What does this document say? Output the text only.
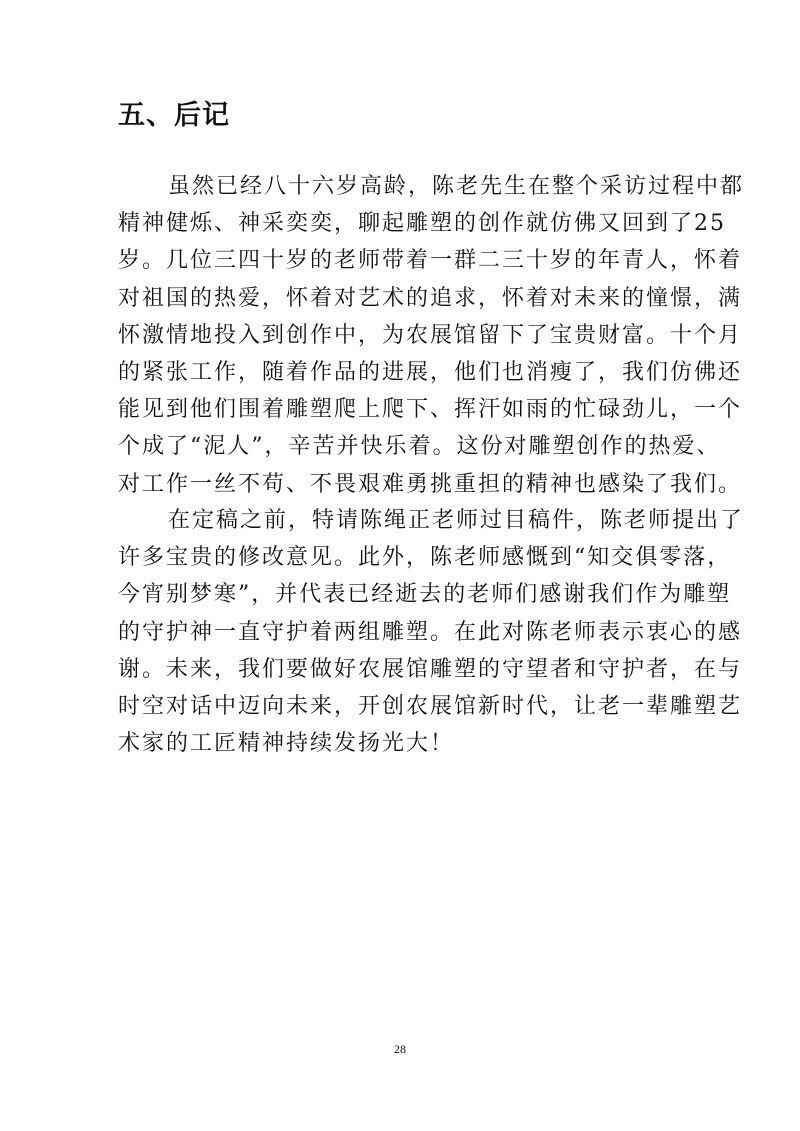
五、后记

虽然已经八十六岁高龄，陈老先生在整个采访过程中都
精神健烁、神采奕奕，聊起雕塑的创作就仿佛又回到了25
岁。几位三四十岁的老师带着一群二三十岁的年青人，怀着
对祖国的热爱，怀着对艺术的追求，怀着对未来的憧憬，满
怀激情地投入到创作中，为农展馆留下了宝贵财富。十个月
的紧张工作，随着作品的进展，他们也消瘦了，我们仿佛还
能见到他们围着雕塑爬上爬下、挥汗如雨的忙碌劲儿，一个
个成了“泥人”，辛苦并快乐着。这份对雕塑创作的热爱、
对工作一丝不苟、不畏艰难勇挑重担的精神也感染了我们。

在定稿之前，特请陈绳正老师过目稿件，陈老师提出了
许多宝贵的修改意见。此外，陈老师感慨到“知交俱零落，
今宵别梦寒”，并代表已经逝去的老师们感谢我们作为雕塑
的守护神一直守护着两组雕塑。在此对陈老师表示衷心的感
谢。未来，我们要做好农展馆雕塑的守望者和守护者，在与
时空对话中迈向未来，开创农展馆新时代，让老一辈雕塑艺
术家的工匠精神持续发扬光大！

28
